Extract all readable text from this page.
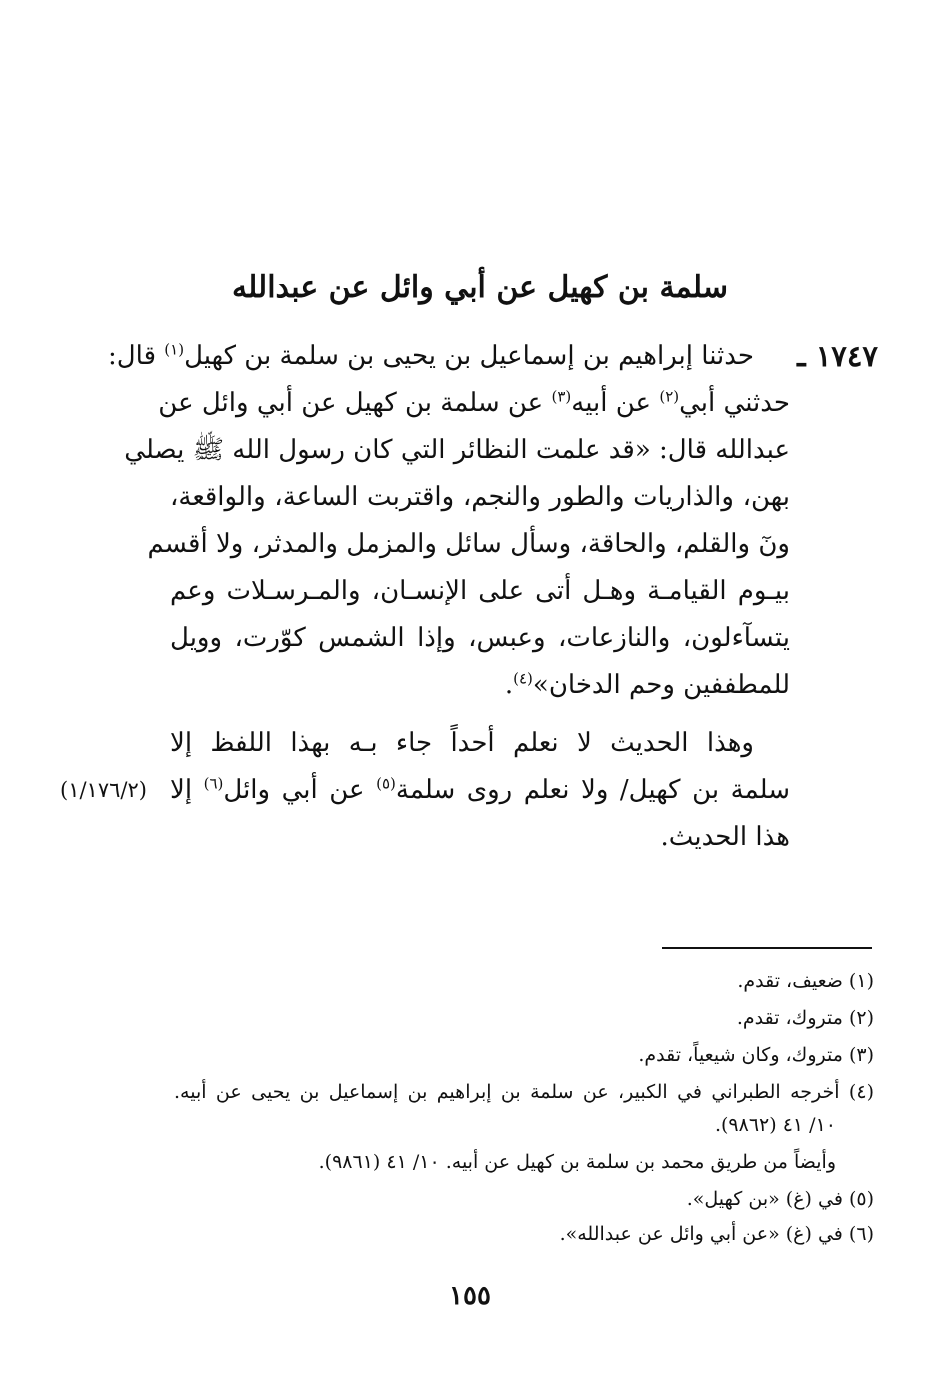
سلمة بن كهيل عن أبي وائل عن عبدالله
١٧٤٧ ـ
حدثنا إبراهيم بن إسماعيل بن يحيى بن سلمة بن كهيل$^{(١)}$ قال:
حدثني أبي$^{(٢)}$ عن أبيه$^{(٣)}$ عن سلمة بن كهيل عن أبي وائل عن
عبدالله قال: «قد علمت النظائر التي كان رسول الله ﷺ يصلي
بهن، والذاريات والطور والنجم، واقتربت الساعة، والواقعة،
ونٓ والقلم، والحاقة، وسأل سائل والمزمل والمدثر، ولا أقسم
بيـوم القيامـة وهـل أتى على الإنسـان، والمـرسـلات وعم
يتسآءلون، والنازعات، وعبس، وإذا الشمس كوّرت، وويل
للمطففين وحم الدخان»$^{(٤)}$.
وهذا الحديث لا نعلم أحداً جاء بـه بهذا اللفظ إلا
سلمة بن كهيل/ ولا نعلم روى سلمة$^{(٥)}$ عن أبي وائل$^{(٦)}$ إلا
(١/١٧٦/٢)
هذا الحديث.
(١) ضعيف، تقدم.
(٢) متروك، تقدم.
(٣) متروك، وكان شيعياً، تقدم.
(٤) أخرجه الطبراني في الكبير، عن سلمة بن إبراهيم بن إسماعيل بن يحيى عن أبيه.
١٠/ ٤١ (٩٨٦٢).
وأيضاً من طريق محمد بن سلمة بن كهيل عن أبيه. ١٠/ ٤١ (٩٨٦١).
(٥) في (غ) «بن كهيل».
(٦) في (غ) «عن أبي وائل عن عبدالله».
١٥٥
